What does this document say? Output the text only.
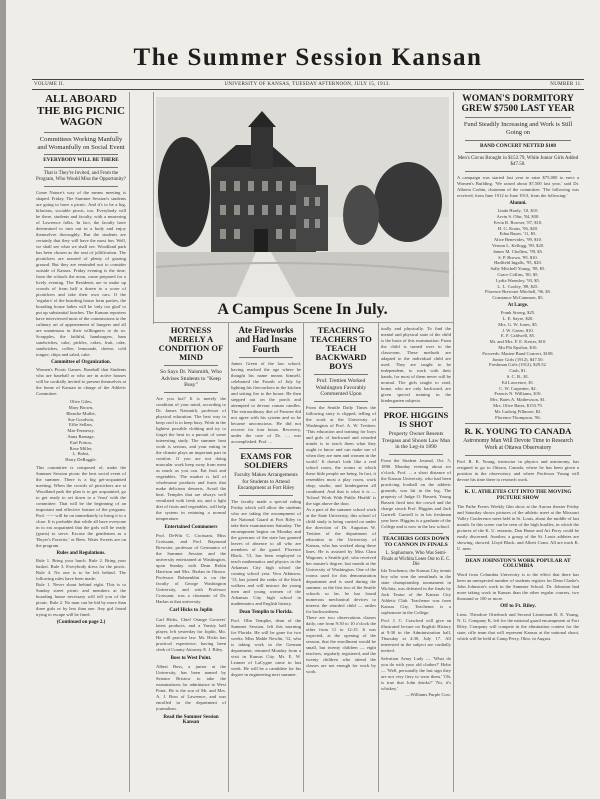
The Summer Session Kansan
VOLUME II.	UNIVERSITY OF KANSAS, TUESDAY AFTERNOON, JULY 15, 1913.	NUMBER 11.
ALL ABOARD THE BIG PICNIC WAGON
Committees Working Manfully and Womanfully on Social Event
EVERYBODY WILL BE THERE
That is They're Invited, and From the Program, Who Would Miss the Opportunity?
Come Nature's way of the means meeting is shaped. Friday, The Summer Session's students are going to have a picnic. And it's to be a big, hilarious, sociable picnic, too. Everybody will be there, students and faculty, with a mustering of Lawrence folks. In fact, the faculty have determined to turn out in a body and enjoy themselves thoroughly. But the students are certainly that they will have the most fun. Well, we shall see what we shall see. Woodland park has been chosen as the seat of jollification. The picnickers are assured of plenty of grazing ground. But they are reminded not to consider outside of Kansas. Friday evening is the time, from the schools the noon, come prepared for a lively evening. The Residents are to make up crowds of from half a dozen to a score of picnickers and take their own cars. If the 'regulars' of the boarding house form parties, the boarding house ladies will be 'only too glad' to put up substantial lunches. The Kansan reporters have interviewed most of the commissions to the culinary art of appeasement of hungers and all are unanimous in their willingness to do so. Scrapples, the faithful, hamburgers, ham sandwiches, cake, pickles, cakes, fruit, cake, sandwiches, coffee, lemonade, cheese, cold tongue, chips and salad, cake.
Committee of Organization.
Women's Picnic Games. Baseball that Students who are baseball or who are in active houses will be cordially invited to present themselves at the home of Kansan in charge of the Athletic Committee.
Olive Giles,
Mary Brown,
Blanche Mullet,
Sue Goodwin,
Effie Sellars,
Mae Fennessy,
Anna Ramage,
Earl Pottou,
Rose Miller,
L. Bobst,
Harry DeRaggle.
This committee is composed of, make the Summer Session picnic the best social event of the summer. There is a big get-acquainted meeting. When the crowds of picnickers are at Woodland park the plan is to get acquainted, go to get ready to set down to a 'feast' with the committee. That will be the beginning of an important and effective feature of the program. Prof. ----- will be on immediately to bring it to a close. It is probable that while all have everyone in to eat acquainted that the girls will be ready (gratis) to serve. Excuse the gentlemen as a 'Boyer's Favorite,' or Bees. Water Sweets are on the program.
Rules and Regulations.
Rule 1. Bring your lunch. Rule 2. Bring your basket. Rule 3. Everybody dress for the picnic. Rule 4. No one is to be left behind. The following rules have been made:
Rule 1. Never shout behind eight. This is to Sunday street picnic and members at the boarding house necessary will tell you of the picnic. Rule 2. No man can be bid by more than three girls or by less than one. Any girl found trying to escape will be fined.
(Continued on page 2.)
A Campus Scene In July.
HOTNESS MERELY A CONDITION OF MIND
So Says Dr. Naismith, Who Advises Students to "Keep Busy"
Are you hot? It is merely the condition of your mind, according to Dr. James Naismith, professor of physical education. The best way to keep cool is to keep busy. Work in the lightest possible clothing and try to forget the heat in a pursuit of some interesting study. The summer heat work is serious, and your eating in the climate plays an important part in comfort. If you are not doing muscular work keep away from meat as much as you can. Eat fruit and vegetables. The market is full of wholesome products and fruits that make delicious desserts. Avoid the heat. Temples that are always well ventilated with fresh air, and a light diet of fruits and vegetables, will help the system in retaining a normal temperature.
Entertained Commoners
Prof. DeWitt C. Croissant, Miss Croissant, and Prof. Raymond Brewster, professor of Germanics of the Summer Session and the university entertained at Washington, upon Sunday with Dean Robin Harrison and Mrs. Harlan in Ottawa. Professor Bohnenblut is on the faculty of George Washington University, and with Professor Croissant, was a classmate of Dr. Harlan at that university.
Carl Hicks to Joplin
Carl Hicks, Chief Orange Growers' latest products, and a Varsity ball player, left yesterday for Joplin, Mo. He will practice law. Mr. Hicks has practical experience, having been clerk of County Attorney E. J. Riley.
Boss to West Point.
Albert Boss, a junior at the University, has been named by Senator Bristow to take the examinations for admittance to West Point. He is the son of Mr. and Mrs. A. J. Boss of Lawrence, and was enrolled in the department of journalism.
Read the Summer Session Kansan
Ate Fireworks and Had Insane Fourth
James Green of the law school, having reached the age where he thought his name means himself, celebrated the Fourth of July by lighting his firecrackers in the kitchen and setting fire to the house. He then stepped out on the porch and attempted to devour roman candles. The extraordinary diet of Pawnee did not agree with his system and so he became unconscious. He did not recover for four hours. Recovery, under the care of Dr. ..., was accomplished. Prof. ...
EXAMS FOR SOLDIERS
Faculty Makes Arrangements for Students to Attend Encampment at Fort Riley
The faculty made a special ruling Friday which will allow the students who are taking the encampment of the National Guard at Fort Riley to take their examinations Saturday. The encampment begins on Monday and the governor of the state has granted leaves of absence to all who are members of the guard. Florence Black, '13, has been employed to teach mathematics and physics in the Arkansas City high school the coming school year. Vera Atkinson, '13, has joined the ranks of the black walkers and will instruct the young men and young women of the Arkansas City high school in mathematics and English history.
Dean Templin to Florida.
Prof. Olin Templin, dean of the Summer Session, left this morning for Florida. He will be gone for two weeks. Miss Mable Newlin, '12, who is taking work in the German department, returned Monday from a visit in Kansas City. Mr. E. W. Leamer of LaCygne came in last week. He will be a candidate for his degree in engineering next summer.
TEACHING TEACHERS TO TEACH BACKWARD BOYS
Prof. Trettien Worked Washington Favorably Commented Upon
From the Seattle Daily Times the following story is clipped, telling of the work at the University of Washington of Prof. A. W. Trettien: 'This education and training for boys and girls of backward and retarded minds is to teach them what they ought to know and can make use of when they are men and women in the world.' It doesn't look like a real school room, the rooms at which these little people are being. In fact, it resembles most a play room, work shop, studio, and kindergarten all combined. And that is what it is — 'School Work With Public Health' is the sign above the door.
As a part of the summer school work at the State University, this school of child study is being carried on under the direction of Dr. Augustus W. Trettien of the department of education in the University of Kansas, who has worked along these lines. He is assisted by Miss Clara Wagoner, a Seattle girl, who received her master's degree, last month at the University of Washington. One of the rooms used for this demonstration department and is used during the summer, so the first two of the Seattle schools so far, he has found numerous mechanical devices to interest the retarded child — rattles for backwardness.
There are two observations classes daily, one from 9:30 to 10 o'clock the other from 11 to 12:15. It was expected, at the opening of the session, that the enrollment would be small, but twenty children — eight teachers, regularly registered, and the twenty children who attend the classes are not enough for work by work.
tually and physically. To find the mental and physical state of the child is the basis of this examination. From the child is turned over to the classroom. These methods are adapted to the individual child are used. They are taught to be independent, to work with their hands, for most of them never will be normal. The girls taught to read, home, who are only backward, are given special training in the kindergarten subjects.
PROF. HIGGINS IS SHOT
Property Owner Resents Trespass and Shoots Law Man in the Leg-in 1890
From the Student Journal, Oct. 5, 1890. Monday evening about six o'clock, Prof. ... a short distance of the Kansas University, who had been practicing football on the athletic grounds, was hit in the leg. The property of Judge O. Bassett, Young Bassett fired into the crowd and the charge struck Prof. Higgins and Jack Gartrell. Gartrell is in his freshman year here. Higgins is a graduate of the College and is now in the law school.
TEACHERS GOES DOWN TO CANNON IN FINALS
L. Sophomore, Who Was Semi-Finals at Wichita Loses Out to E. C. Die
Ida Teachenor, the Kansas City tennis boy who won the semifinals in the state championship tournament in Wichita, was defeated in the finals by Jack Teutor of the Kansas City Athletic Club. Teachenor was from Kansas City, Teachenor is a sophomore in the College.
Prof. J. C. Crawford will give an illustrated lecture on English History at 9:30 in the Administration hall, Thursday at 4:30, July 17. All interested in the subject are cordially invited.
Salvation Army Lady — 'What do you do with your old clothes?' Hobo — 'Well, personally the last sign they are not very fiery to wear them.' 'Oh, is true that John drinks?' 'No, it's whiskey.'
—Williams Purple Cow.
WOMAN'S DORMITORY GREW $7500 LAST YEAR
Fund Steadily Increasing and Work is Still Going on
BAND CONCERT NETTED $108
Men's Circus Brought in $153.79, While Junior Girls Added $47.50.
A campaign was started last year to raise $75,000 to erect a Women's Building. 'We raised about $7,500 last year,' said Dr. Alberta Corbin, chairman of the committee. 'The following was received, from June 1912 to June 1913, from the following:'
Alumni.
Linda Hardy, '10, $10.
Arvin S. Olin, '84, $50.
Ervin R. Bowser, '87, $10.
H. G. Kraus, '96, $20.
Edna Bauer, '11, $5.
Alice Benevides, '99, $10.
Vernon L. Kellogg, '89, $20.
James M. Chollins, '99, $5.
S. P. Brown, '99, $10.
Hadfield Ingalls, '95, $20.
Sally Mitchell Young, '98, $5.
Grace Collins, '00, $5.
Lydia Wamsley, '93, $5.
L. L. Cooley, '88, $25.
Florence Brewster Mitchell, '96, $5.
Constance McCammon, $5.
At Large.
Frank Strong, $25.
L. E. Sayre, $20.
Mrs. G. W. Jones, $5.
J. W. Green, $10.
E. F. Caldwell, $5.
Mr. and Mrs. F. E. Kester, $10.
Mu Phi Epsilon, $10.
Proceeds: Marine Band Concert, $108.
Junior Girls (1912), $47.50.
Freshman Girls (1912), $29.52.
Cash, $1.
S. C. B., $1.
Ed Lawrence, $1.
C. W. Carpenter, $2.
Francis N. Williams, $10.
Mrs. Bates A. Mathewson, $1.
Mrs. Olive Bates, $153.79.
Mr. Ludwig Fillmore, $2.
Florence Thompson, '96.
R. K. YOUNG TO CANADA
Astronomy Man Will Devote Time to Research Work at Ottawa Observatory
Prof. R. K. Young, instructor in physics and astronomy, has resigned to go to Ottawa, Canada, where he has been given a position in the observatory and where Professor Young will devote his time there to research work.
K. U. ATHLETES CUT INTO THE MOVING PICTURE SHOW
The Pathe Freres Weekly film show at the Aurora theater Friday and Saturday shows pictures of the athletic meet at the Missouri Valley Conference meet held in St. Louis, about the middle of last month. In this scene can be seen of the high hurdles, in which the pictures of the K. U. entrants, Dan Haase and Art Perry could be easily discerned. Another, a group of the St. Louis athletes are showing, showed, Lloyd Black, and Albert Cram. All are track K. U. men.
DEAN JOHNSTON'S WORK POPULAR AT COLUMBIA
Word from Columbia University is to the effect that there has been an unexpected number of students register for Dean Clarke's John Johnston's work in the Summer School. Dr. Johnston had more taking work in Kansas than the other regular courses, two thousand or 100 or more.
Off to Ft. Riley.
Lieut. Theodore Otterbach and Second Lieutenant R. E. Young, N. G. Company K, left for the national guard encampment at Fort Riley. Company will compete in the elimination contest for the state, rifle team that will represent Kansas at the national shoot, which will be held at Camp Perry, Ohio, in August.
